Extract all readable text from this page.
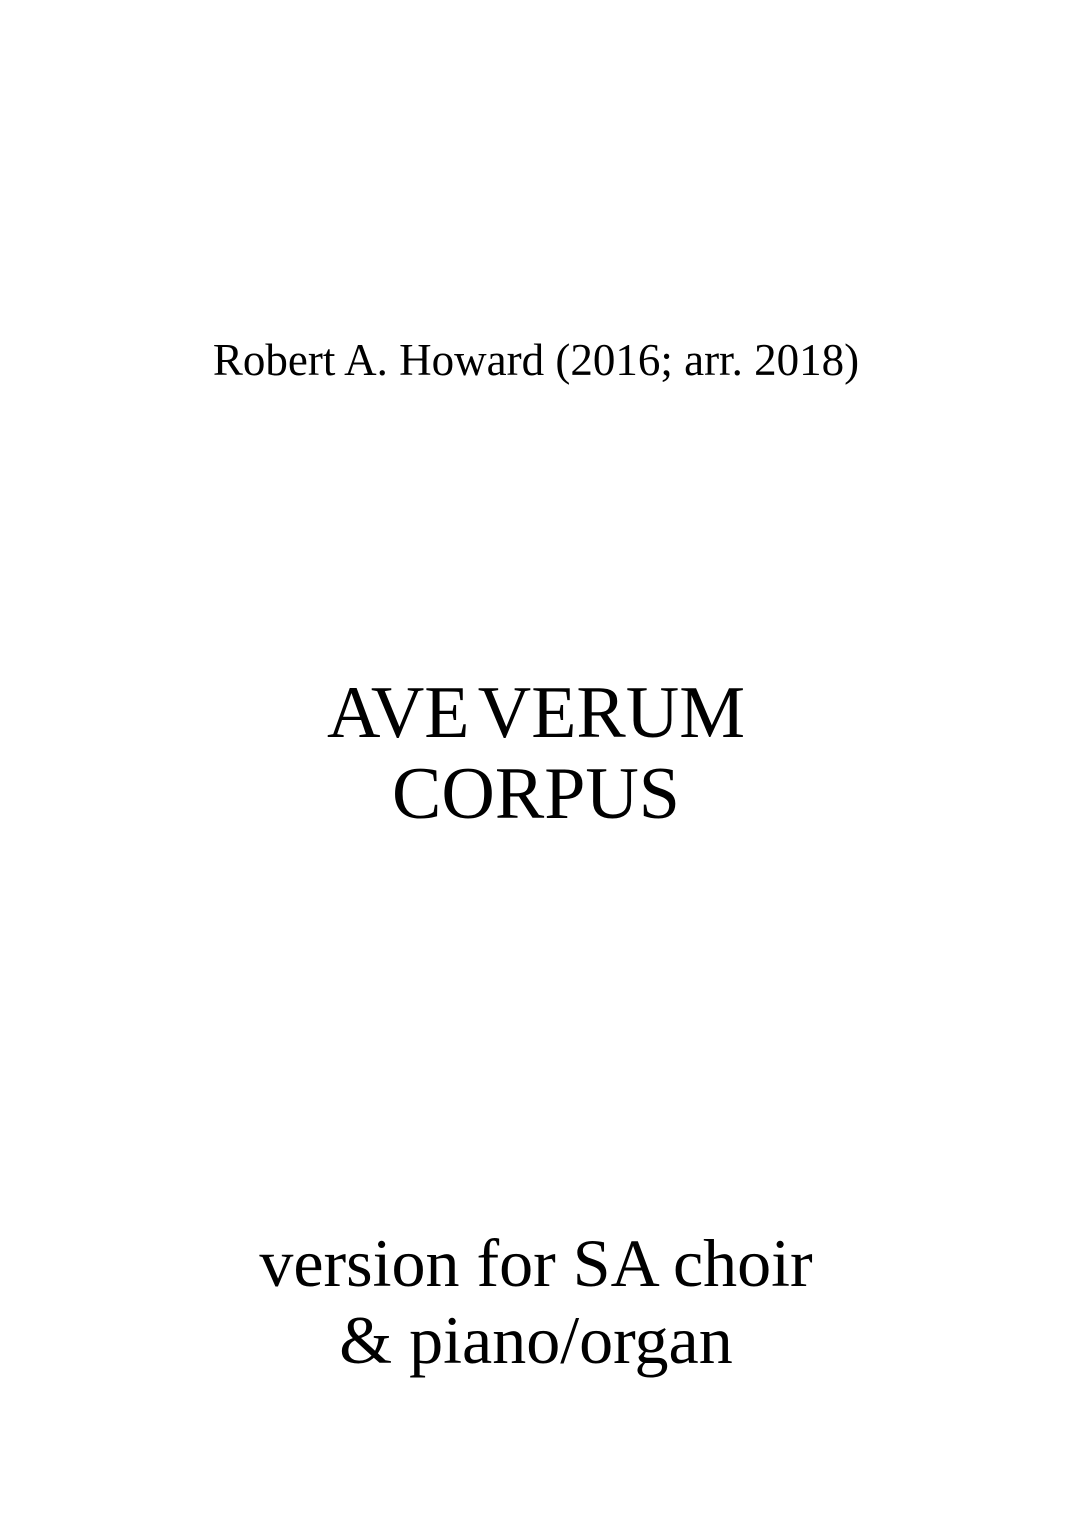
Robert A. Howard (2016; arr. 2018)
AVE VERUM
CORPUS
version for SA choir
& piano/organ
